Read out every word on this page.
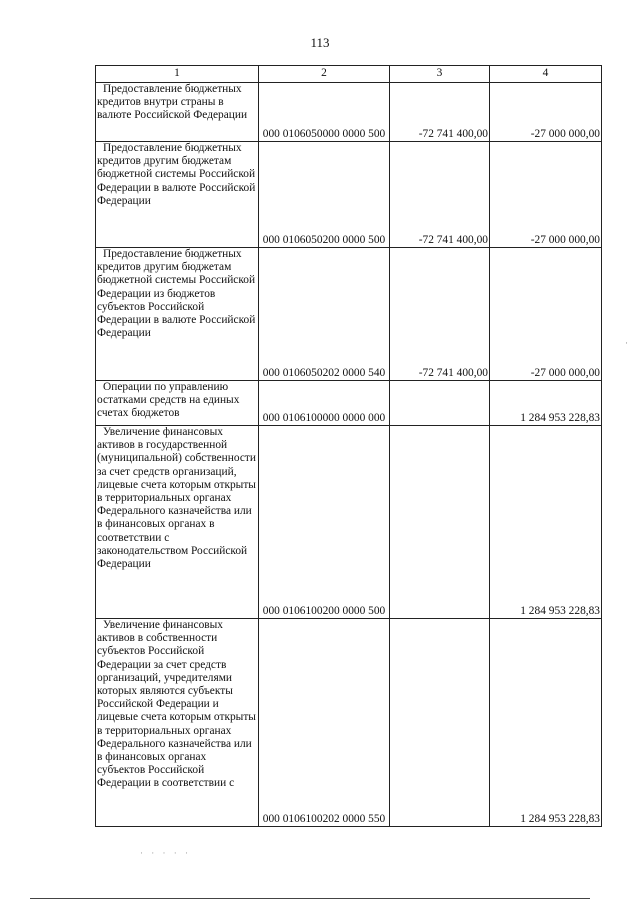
113
1	2	3	4

Предоставление бюджетных кредитов внутри страны в валюте Российской Федерации	000 0106050000 0000 500	-72 741 400,00	-27 000 000,00

Предоставление бюджетных кредитов другим бюджетам бюджетной системы Российской Федерации в валюте Российской Федерации	000 0106050200 0000 500	-72 741 400,00	-27 000 000,00

Предоставление бюджетных кредитов другим бюджетам бюджетной системы Российской Федерации из бюджетов субъектов Российской Федерации в валюте Российской Федерации	000 0106050202 0000 540	-72 741 400,00	-27 000 000,00

Операции по управлению остатками средств на единых счетах бюджетов	000 0106100000 0000 000		1 284 953 228,83

Увеличение финансовых активов в государственной (муниципальной) собственности за счет средств организаций, лицевые счета которым открыты в территориальных органах Федерального казначейства или в финансовых органах в соответствии с законодательством Российской Федерации	000 0106100200 0000 500		1 284 953 228,83

Увеличение финансовых активов в собственности субъектов Российской Федерации за счет средств организаций, учредителями которых являются субъекты Российской Федерации и лицевые счета которым открыты в территориальных органах Федерального казначейства или в финансовых органах субъектов Российской Федерации в соответствии с	000 0106100202 0000 550		1 284 953 228,83
· · · · ·
·
